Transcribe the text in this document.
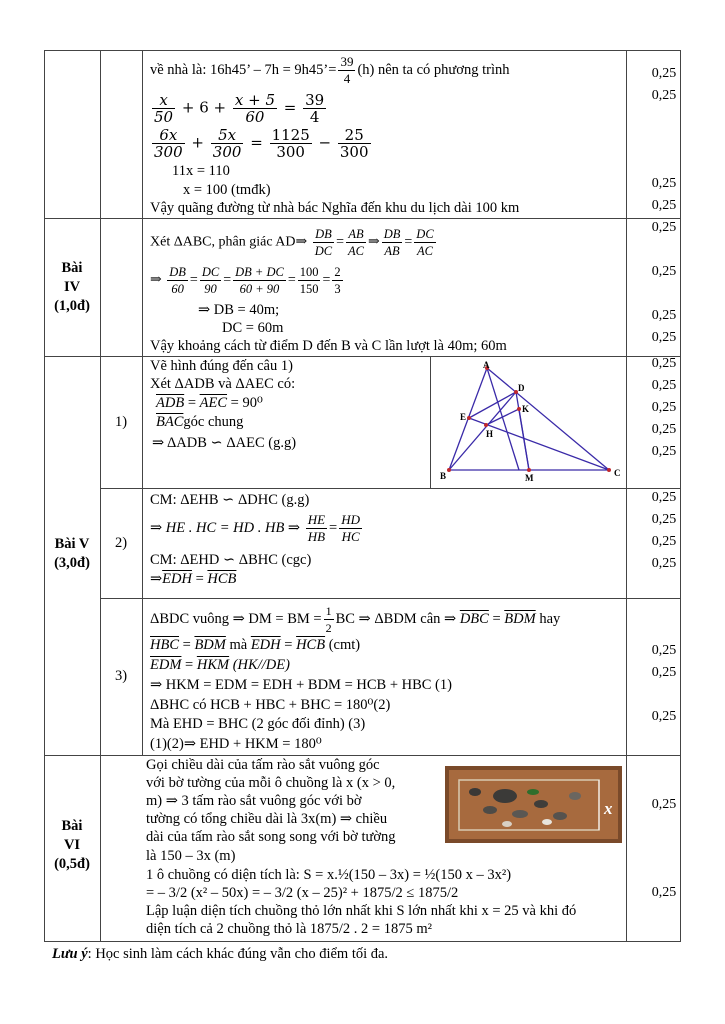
về nhà là: 16h45’ – 7h = 9h45’= $\frac{39}{4} (h)$ nên ta có phương trình
$\frac{x}{50} + 6 + \frac{x + 5}{60} = \frac{39}{4}$
$\frac{6x}{300} + \frac{5x}{300} = \frac{1125}{300} - \frac{25}{300}$
11x = 110
x = 100 (tmđk)
Vậy quãng đường từ nhà bác Nghĩa đến khu du lịch dài 100 km
0,25
0,25
0,25
0,25
Bài
IV
(1,0đ)
Xét ΔABC, phân giác AD⇒ $\frac{DB}{DC} = \frac{AB}{AC}$ ⇒ $\frac{DB}{AB} = \frac{DC}{AC}$
⇒ $\frac{DB}{60} = \frac{DC}{90} = \frac{DB + DC}{60 + 90} = \frac{100}{150} = \frac{2}{3}$
⇒ DB = 40m;
DC = 60m
Vậy khoảng cách từ điểm D đến B và C lần lượt là 40m; 60m
0,25
0,25
0,25
0,25
Bài V
(3,0đ)
1)
Vẽ hình đúng đến câu 1)
Xét ΔADB và ΔAEC có:
$\overline{ADB} = \overline{AEC} = 90^0$
$\overline{BAC}góc$ chung
⇒ ΔADB ∽ ΔAEC (g.g)
A
B	C
D
E
H
K
M
0,25
0,25
0,25
0,25
0,25
2)
CM: ΔEHB ∽ ΔDHC (g.g)
⇒ HE . HC = HD . HB ⇒ $\frac{HE}{HB} = \frac{HD}{HC}$
CM: ΔEHD ∽ ΔBHC (cgc)
$\Rightarrow\overline{EDH} = \overline{HCB}$
0,25
0,25
0,25
0,25
3)
ΔBDC vuông ⇒ DM = BM = $\frac{1}{2}$ BC ⇒ ΔBDM cân ⇒ $\overline{DBC} = \overline{BDM}$ hay
$\overline{HBC} = \overline{BDM}$ mà $\overline{EDH} = \overline{HCB}$ (cmt)
$\overline{EDM} = \overline{HKM}$ (HK//DE)
⇒ HKM = EDM = EDH + BDM = HCB + HBC (1)
ΔBHC có HCB + HBC + BHC = 180⁰(2)
Mà EHD = BHC (2 góc đối đỉnh) (3)
(1)(2)⇒ EHD + HKM = 180⁰
0,25
0,25
0,25
Bài
VI
(0,5đ)
Gọi chiều dài của tấm rào sắt vuông góc
với bờ tường của mỗi ô chuồng là x (x > 0,
m) ⇒ 3 tấm rào sắt vuông góc với bờ
tường có tổng chiều dài là 3x(m) ⇒ chiều
dài của tấm rào sắt song song với bờ tường
là 150 – 3x (m)
1 ô chuồng có diện tích là: S = x.½(150 – 3x) = ½(150 x – 3x²)
= – 3/2 (x² – 50x) = – 3/2 (x – 25)² + 1875/2 ≤ 1875/2
Lập luận diện tích chuồng thỏ lớn nhất khi S lớn nhất khi x = 25 và khi đó
diện tích cả 2 chuồng thỏ là 1875/2 . 2 = 1875 m²
x	0,25
0,25
Lưu ý: Học sinh làm cách khác đúng vẫn cho điểm tối đa.
